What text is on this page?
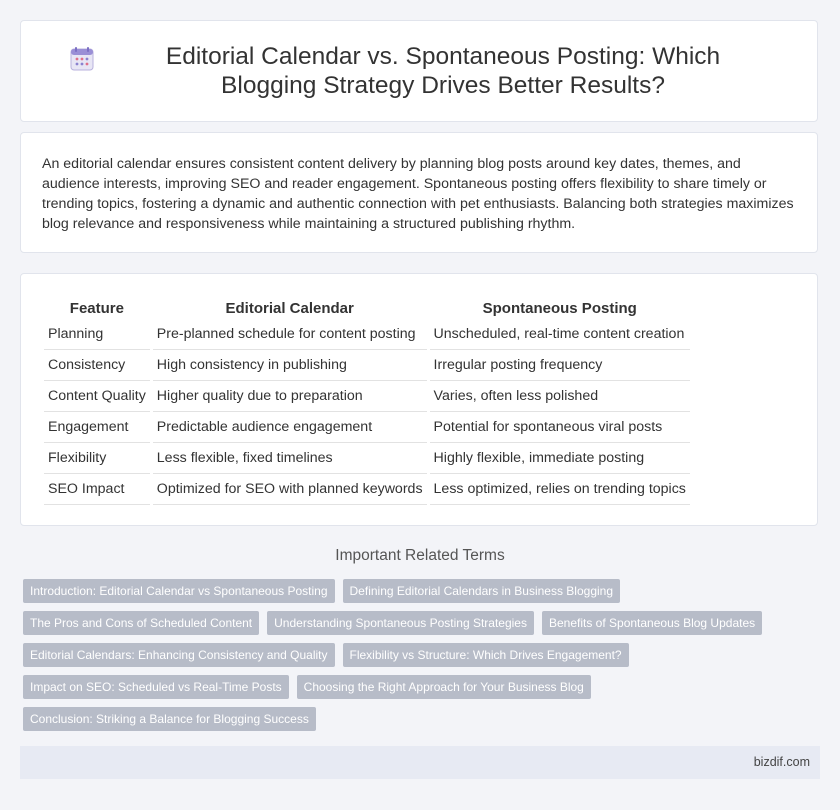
Editorial Calendar vs. Spontaneous Posting: Which Blogging Strategy Drives Better Results?

An editorial calendar ensures consistent content delivery by planning blog posts around key dates, themes, and audience interests, improving SEO and reader engagement. Spontaneous posting offers flexibility to share timely or trending topics, fostering a dynamic and authentic connection with pet enthusiasts. Balancing both strategies maximizes blog relevance and responsiveness while maintaining a structured publishing rhythm.

Feature	Editorial Calendar	Spontaneous Posting
Planning	Pre-planned schedule for content posting	Unscheduled, real-time content creation
Consistency	High consistency in publishing	Irregular posting frequency
Content Quality	Higher quality due to preparation	Varies, often less polished
Engagement	Predictable audience engagement	Potential for spontaneous viral posts
Flexibility	Less flexible, fixed timelines	Highly flexible, immediate posting
SEO Impact	Optimized for SEO with planned keywords	Less optimized, relies on trending topics
Important Related Terms
Introduction: Editorial Calendar vs Spontaneous Posting	Defining Editorial Calendars in Business Blogging
The Pros and Cons of Scheduled Content	Understanding Spontaneous Posting Strategies	Benefits of Spontaneous Blog Updates
Editorial Calendars: Enhancing Consistency and Quality	Flexibility vs Structure: Which Drives Engagement?
Impact on SEO: Scheduled vs Real-Time Posts	Choosing the Right Approach for Your Business Blog
Conclusion: Striking a Balance for Blogging Success
bizdif.com
